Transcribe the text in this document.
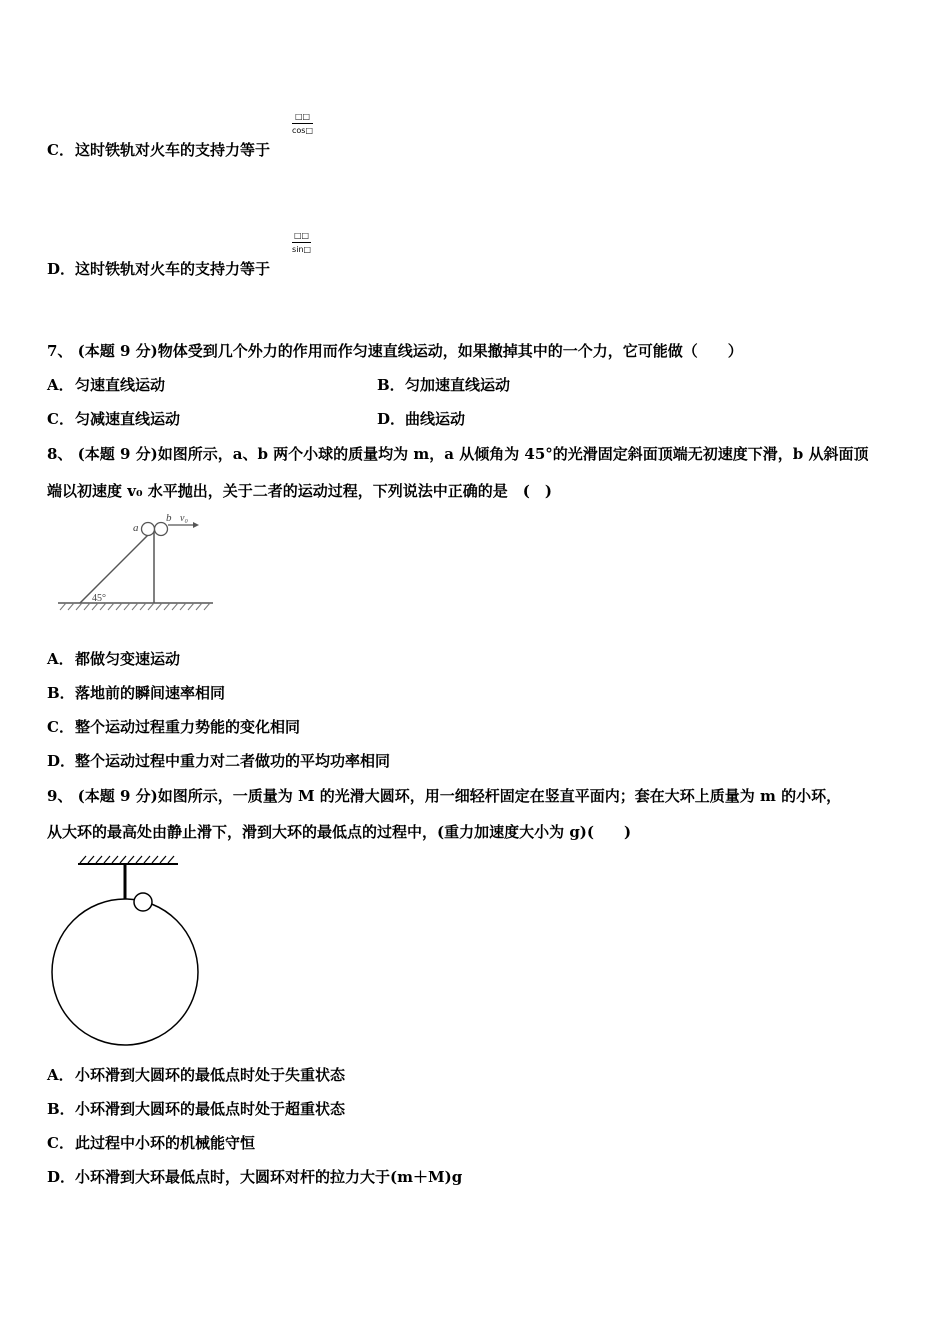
C．这时铁轨对火车的支持力等于
□□
cos□
D．这时铁轨对火车的支持力等于
□□
sin□
7、 (本题 9 分)物体受到几个外力的作用而作匀速直线运动，如果撤掉其中的一个力，它可能做（　　）
A．匀速直线运动	B．匀加速直线运动
C．匀减速直线运动	D．曲线运动
8、 (本题 9 分)如图所示，a、b 两个小球的质量均为 m，a 从倾角为 45°的光滑固定斜面顶端无初速度下滑，b 从斜面顶
端以初速度 v₀ 水平抛出，关于二者的运动过程，下列说法中正确的是　(　)
a
b v₀
45°
A．都做匀变速运动
B．落地前的瞬间速率相同
C．整个运动过程重力势能的变化相同
D．整个运动过程中重力对二者做功的平均功率相同
9、 (本题 9 分)如图所示，一质量为 M 的光滑大圆环，用一细轻杆固定在竖直平面内；套在大环上质量为 m 的小环，
从大环的最高处由静止滑下，滑到大环的最低点的过程中，(重力加速度大小为 g)(　　)
A．小环滑到大圆环的最低点时处于失重状态
B．小环滑到大圆环的最低点时处于超重状态
C．此过程中小环的机械能守恒
D．小环滑到大环最低点时，大圆环对杆的拉力大于(m＋M)g
